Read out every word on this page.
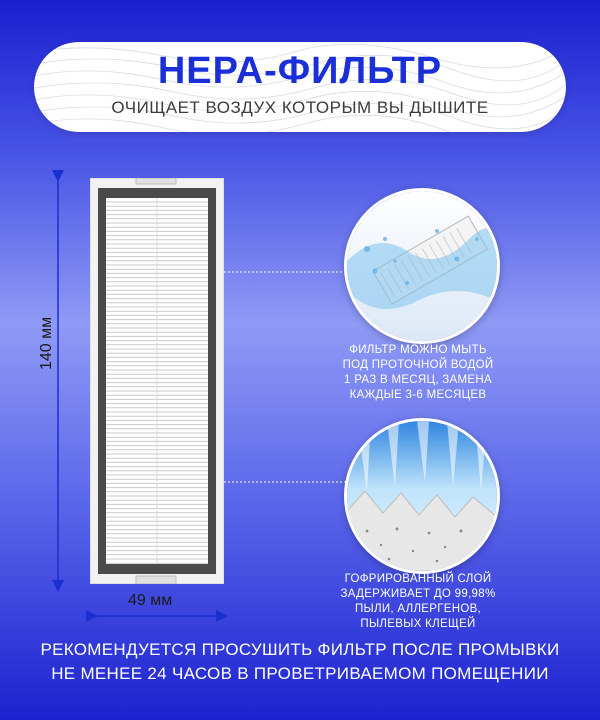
НЕРА-ФИЛЬТР
ОЧИЩАЕТ ВОЗДУХ КОТОРЫМ ВЫ ДЫШИТЕ
140 мм
49 мм
ФИЛЬТР МОЖНО МЫТЬ
ПОД ПРОТОЧНОЙ ВОДОЙ
1 РАЗ В МЕСЯЦ, ЗАМЕНА
КАЖДЫЕ 3-6 МЕСЯЦЕВ
ГОФРИРОВАННЫЙ СЛОЙ
ЗАДЕРЖИВАЕТ ДО 99,98%
ПЫЛИ, АЛЛЕРГЕНОВ,
ПЫЛЕВЫХ КЛЕЩЕЙ
РЕКОМЕНДУЕТСЯ ПРОСУШИТЬ ФИЛЬТР ПОСЛЕ ПРОМЫВКИ
НЕ МЕНЕЕ 24 ЧАСОВ В ПРОВЕТРИВАЕМОМ ПОМЕЩЕНИИ
